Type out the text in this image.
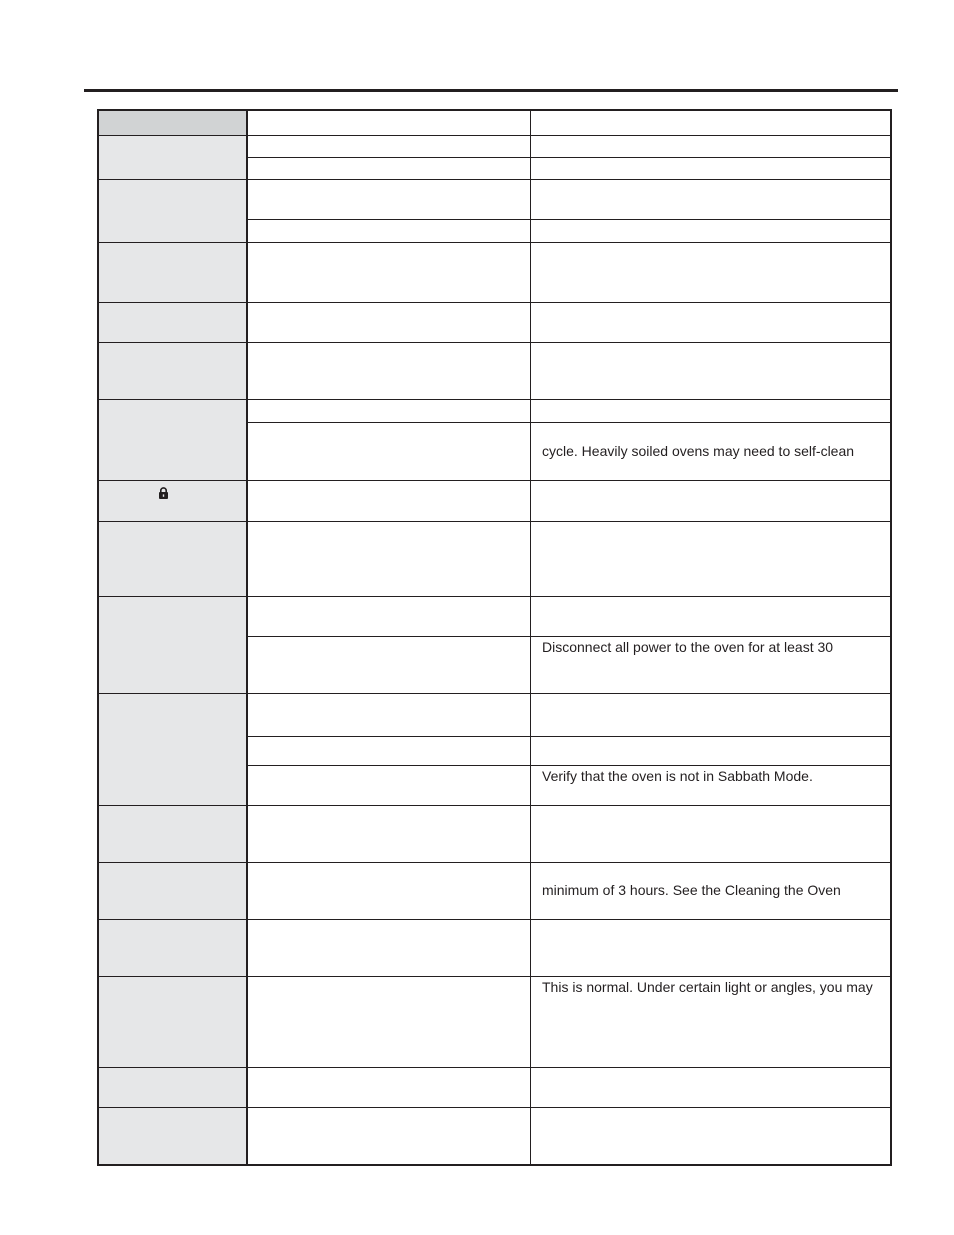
cycle. Heavily soiled ovens may need to self-clean
Disconnect all power to the oven for at least 30
Verify that the oven is not in Sabbath Mode.
minimum of 3 hours. See the Cleaning the Oven
This is normal. Under certain light or angles, you may
